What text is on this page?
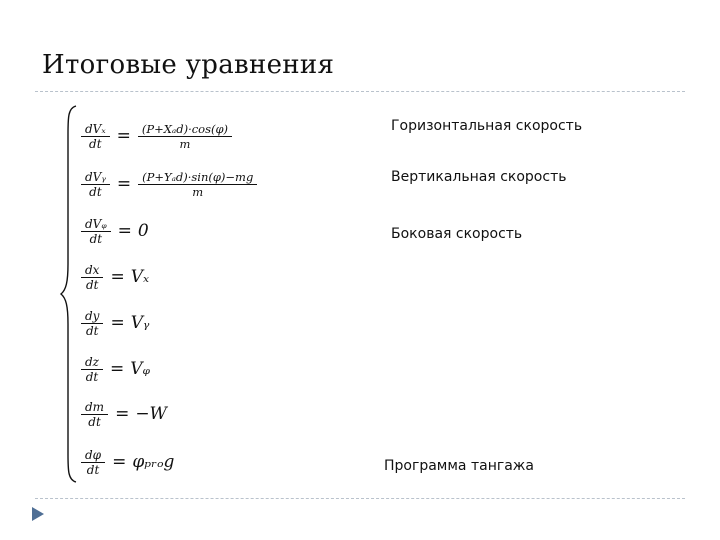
Итоговые уравнения
$\frac{\text{dVₓ}}{dt} = \frac{\text{(P+Xₐd)·cos(φ)}}{m}$
$\frac{\text{dVᵧ}}{dt} = \frac{\text{(P+Yₐd)·sin(φ)−mg}}{m}$
$\frac{\text{dVᵩ}}{dt} = 0$
$\frac{dx}{dt} = V_x$
$\frac{dy}{dt}$ = Vᵧ
$\frac{dz}{dt}$ = Vᵩ
$\frac{dm}{dt} = -W$
$\frac{d\varphi}{dt}$ = φₚᵣₒg
Горизонтальная скорость
Вертикальная скорость
Боковая скорость
Программа тангажа
